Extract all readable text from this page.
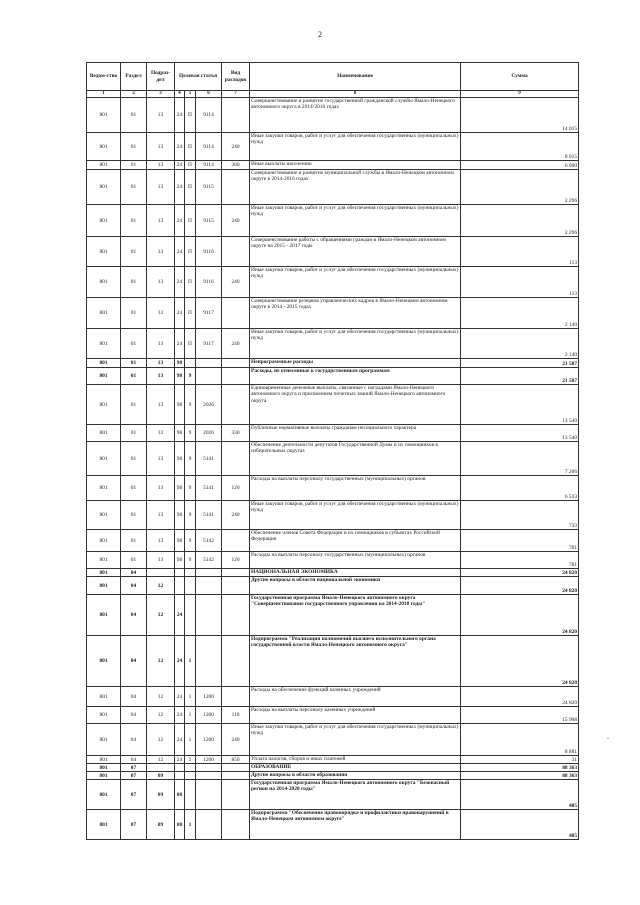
2
Ведом-ство	Раздел	Подраз-дел	Целевая статья			Вид расходов	Наименование	Сумма
1	2	3	4	5	6	7	8	9
801	01	13	24	П	9114		Совершенствование и развитие государственной гражданской службы Ямало-Ненецкого автономного округа в 2014-2016 годах	14 015
801	01	13	24	П	9114	240	Иные закупки товаров, работ и услуг для обеспечения государственных (муниципальных) нужд	8 015
801	01	13	24	П	9114	360	Иные выплаты населению	6 000
801	01	13	24	П	9115		Совершенствование и развитие муниципальной службы в Ямало-Ненецком автономном округе в 2014-2016 годах	2 296
801	01	13	24	П	9115	240	Иные закупки товаров, работ и услуг для обеспечения государственных (муниципальных) нужд	2 296
801	01	13	24	П	9116		Совершенствование работы с обращениями граждан в Ямало-Ненецком автономном округе на 2015 - 2017 годы	113
801	01	13	24	П	9116	240	Иные закупки товаров, работ и услуг для обеспечения государственных (муниципальных) нужд	113
801	01	13	24	П	9117		Совершенствование резервов управленческих кадров в Ямало-Ненецком автономном округе в 2014 - 2015 годах	2 140
801	01	13	24	П	9117	240	Иные закупки товаров, работ и услуг для обеспечения государственных (муниципальных) нужд	2 140
801	01	13	98				Непрограммные расходы	21 587
801	01	13	98	9			Расходы, не отнесенные к государственным программам	21 587
801	01	13	98	9	2026		Единовременные денежные выплаты, связанные с наградами Ямало-Ненецкого автономного округа и присвоением почетных званий Ямало-Ненецкого автономного округа	13 540
801	01	13	98	9	2026	330	Публичные нормативные выплаты гражданам несоциального характера	13 540
801	01	13	98	9	5141		Обеспечение деятельности депутатов Государственной Думы и их помощников в избирательных округах	7 206
801	01	13	98	9	5141	120	Расходы на выплаты персоналу государственных (муниципальных) органов	6 533
801	01	13	98	9	5141	240	Иные закупки товаров, работ и услуг для обеспечения государственных (муниципальных) нужд	733
801	01	13	98	9	5142		Обеспечение членов Совета Федерации и их помощников в субъектах Российской Федерации	781
801	01	13	98	9	5142	120	Расходы на выплаты персоналу государственных (муниципальных) органов	781
801	04						НАЦИОНАЛЬНАЯ ЭКОНОМИКА	24 820
801	04	12					Другие вопросы в области национальной экономики	24 820
801	04	12	24				Государственная программа Ямало-Ненецкого автономного округа "Совершенствование государственного управления на 2014-2018 годы"	24 820
801	04	12	24	1			Подпрограмма "Реализация полномочий высшего исполнительного органа государственной власти Ямало-Ненецкого автономного округа"	24 820
801	04	12	24	1	1200		Расходы на обеспечение функций казенных учреждений	24 820
801	04	12	24	1	1200	110	Расходы на выплаты персоналу казенных учреждений	15 908
801	04	12	24	1	1200	240	Иные закупки товаров, работ и услуг для обеспечения государственных (муниципальных) нужд	8 881
801	04	12	24	1	1200	850	Уплата налогов, сборов и иных платежей	31
801	07						ОБРАЗОВАНИЕ	88 363
801	07	09					Другие вопросы в области образования	88 363
801	07	09	08				Государственная программа Ямало-Ненецкого автономного округа "Безопасный регион на 2014-2020 годы"	485
801	07	09	08	1			Подпрограмма "Обеспечение правопорядка и профилактики правонарушений в Ямало-Ненецком автономном округе"	485
-
